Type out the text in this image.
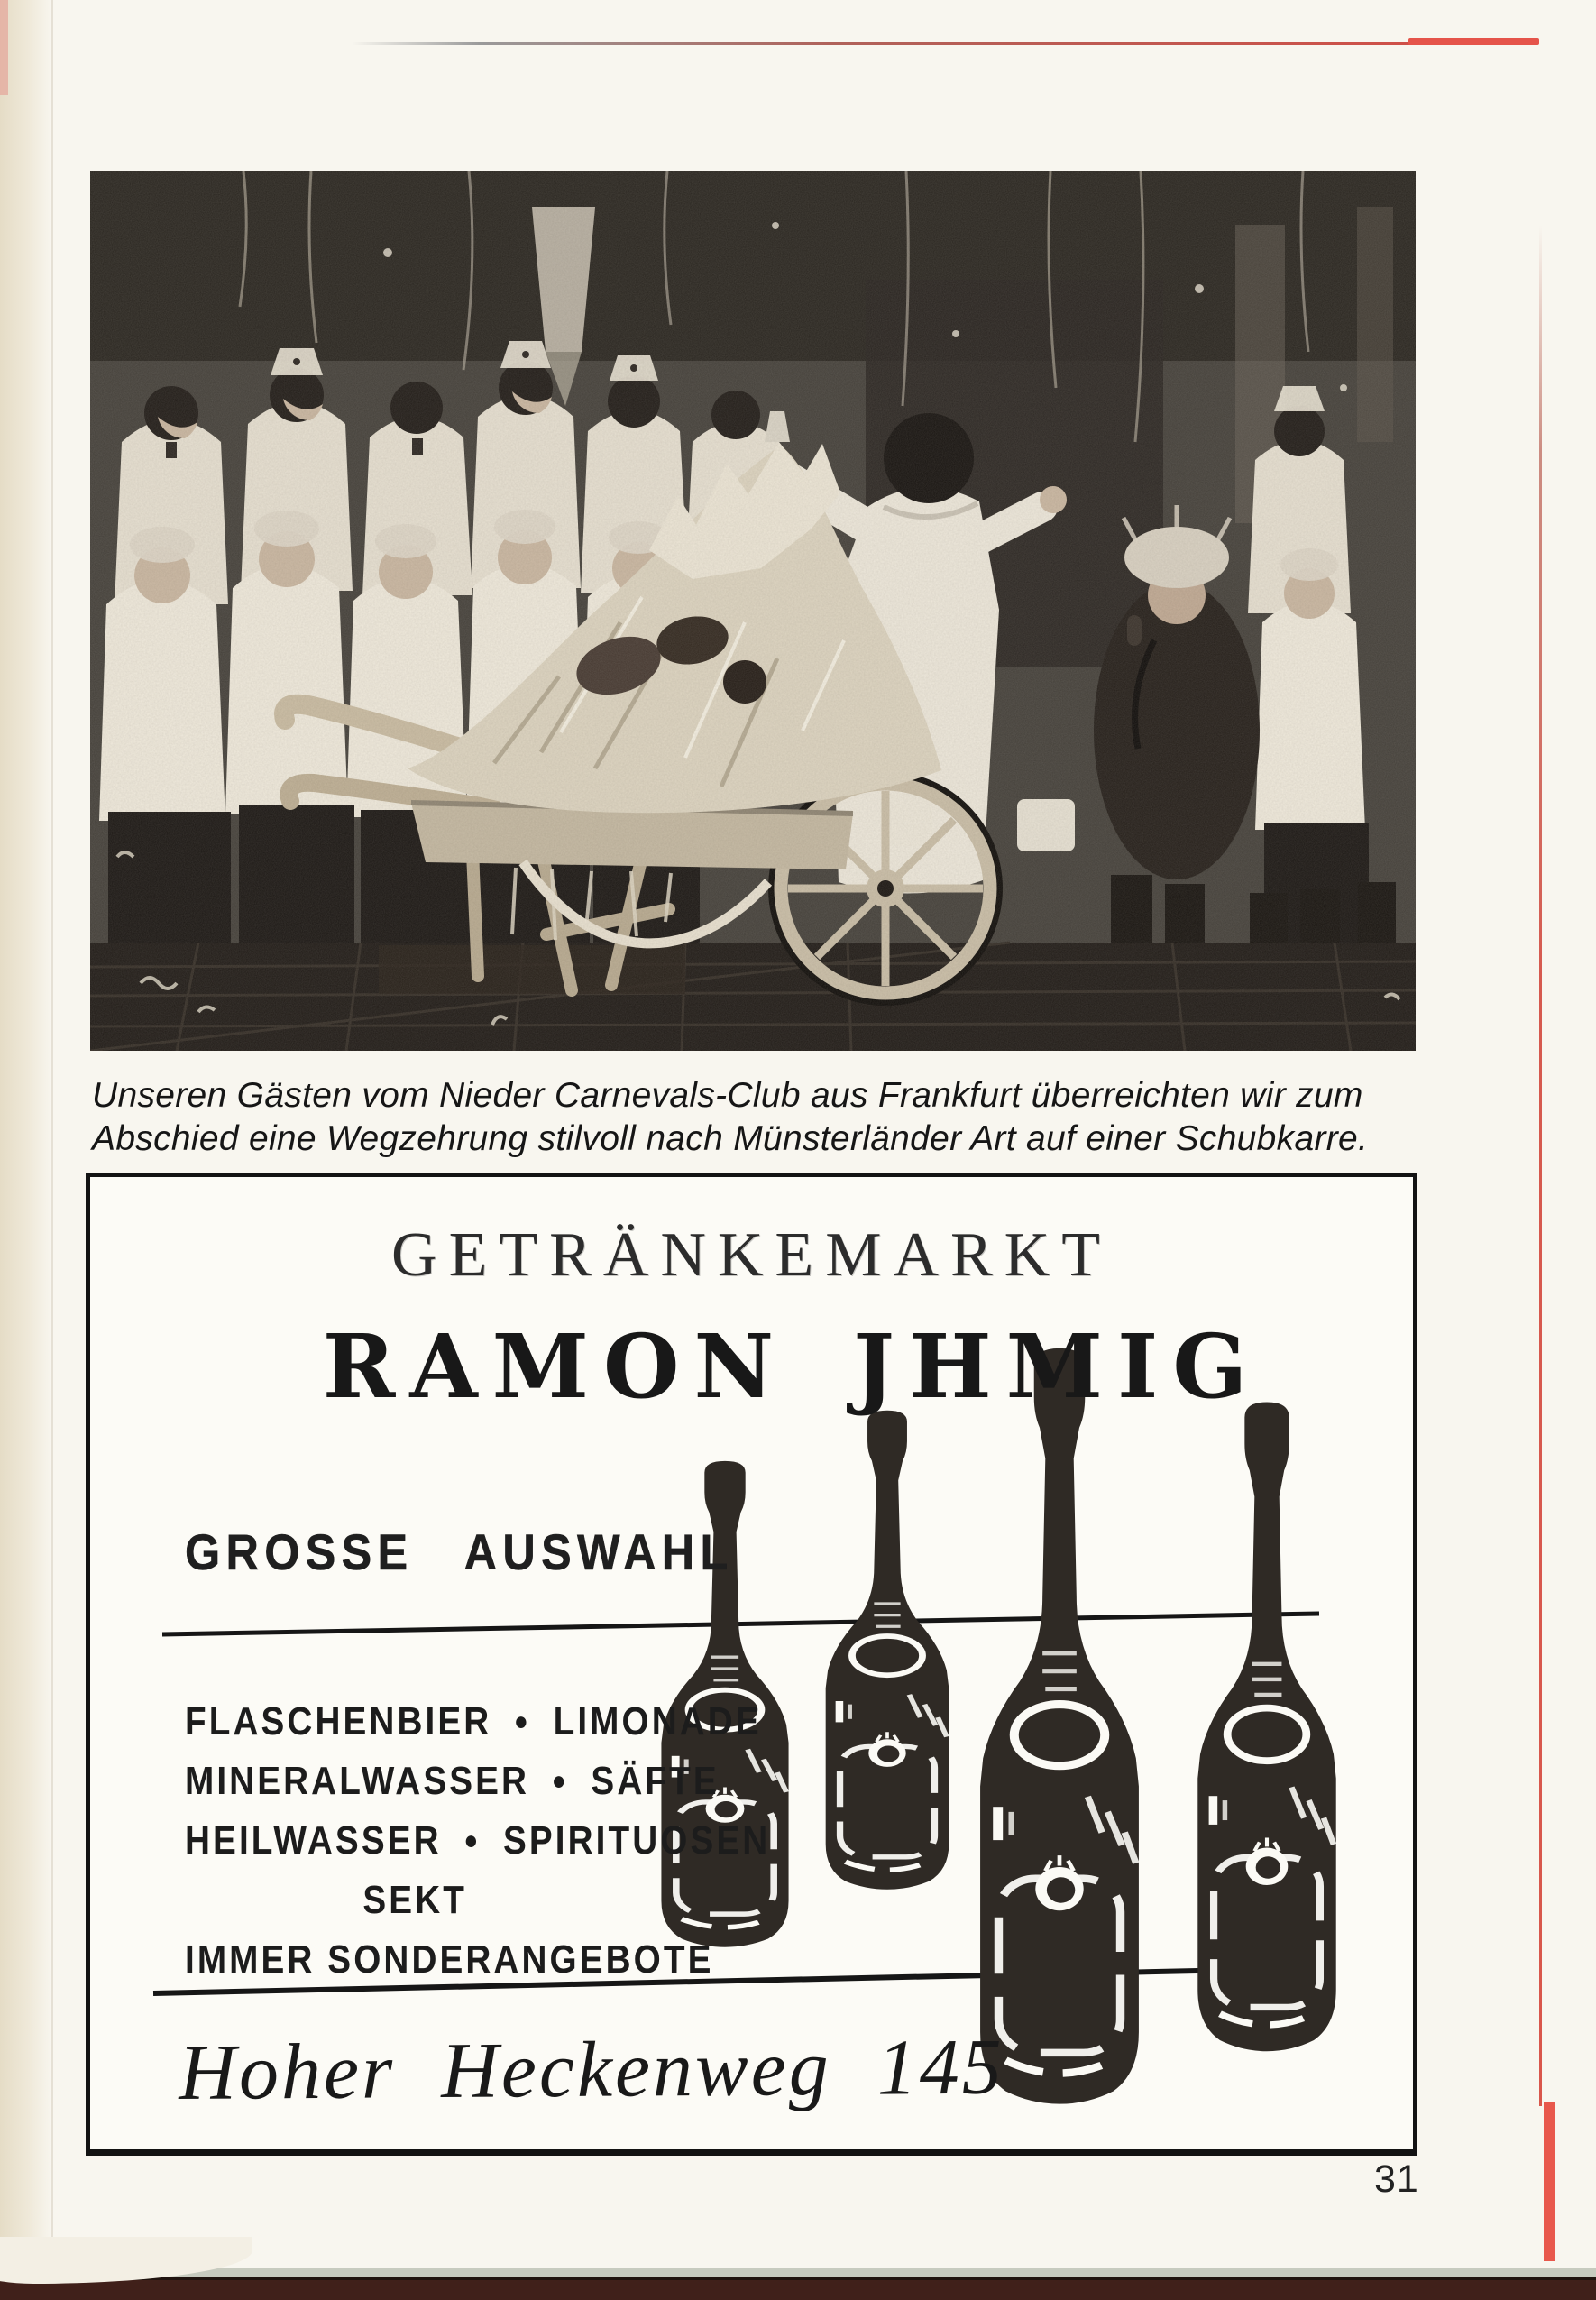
Unseren Gästen vom Nieder Carnevals-Club aus Frankfurt überreichten wir zum
Abschied eine Wegzehrung stilvoll nach Münsterländer Art auf einer Schubkarre.
GETRÄNKEMARKT
RAMON JHMIG
GROSSE AUSWAHL
FLASCHENBIER ● LIMONADE
MINERALWASSER ● SÄFTE
HEILWASSER ● SPIRITUOSEN
SEKT
IMMER SONDERANGEBOTE
Hoher Heckenweg 145
31
